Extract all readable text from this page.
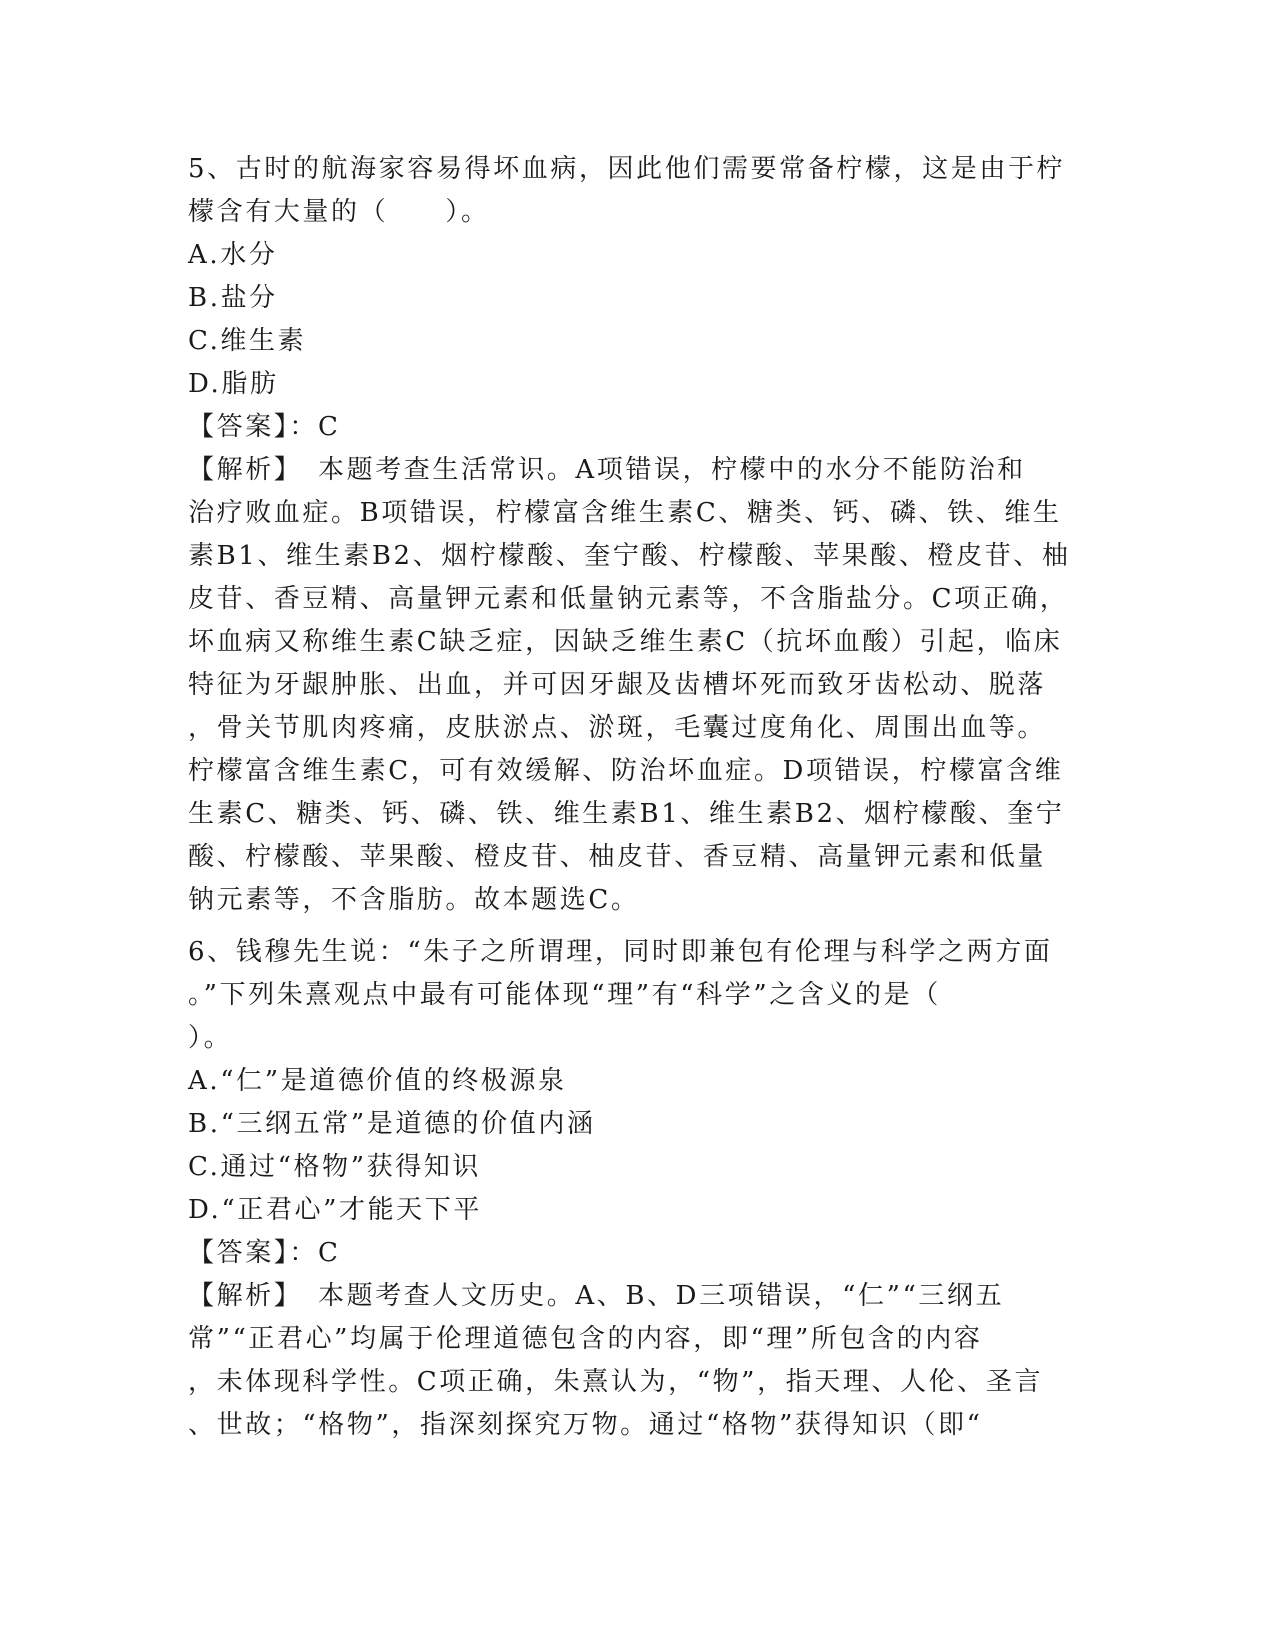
5、古时的航海家容易得坏血病，因此他们需要常备柠檬，这是由于柠
檬含有大量的（　　）。
A.水分
B.盐分
C.维生素
D.脂肪
【答案】：C
【解析】　本题考查生活常识。A项错误，柠檬中的水分不能防治和
治疗败血症。B项错误，柠檬富含维生素C、糖类、钙、磷、铁、维生
素B1、维生素B2、烟柠檬酸、奎宁酸、柠檬酸、苹果酸、橙皮苷、柚
皮苷、香豆精、高量钾元素和低量钠元素等，不含脂盐分。C项正确，
坏血病又称维生素C缺乏症，因缺乏维生素C（抗坏血酸）引起，临床
特征为牙龈肿胀、出血，并可因牙龈及齿槽坏死而致牙齿松动、脱落
，骨关节肌肉疼痛，皮肤淤点、淤斑，毛囊过度角化、周围出血等。
柠檬富含维生素C，可有效缓解、防治坏血症。D项错误，柠檬富含维
生素C、糖类、钙、磷、铁、维生素B1、维生素B2、烟柠檬酸、奎宁
酸、柠檬酸、苹果酸、橙皮苷、柚皮苷、香豆精、高量钾元素和低量
钠元素等，不含脂肪。故本题选C。
6、钱穆先生说：“朱子之所谓理，同时即兼包有伦理与科学之两方面
。”下列朱熹观点中最有可能体现“理”有“科学”之含义的是（
）。
A.“仁”是道德价值的终极源泉
B.“三纲五常”是道德的价值内涵
C.通过“格物”获得知识
D.“正君心”才能天下平
【答案】：C
【解析】　本题考查人文历史。A、B、D三项错误，“仁”“三纲五
常”“正君心”均属于伦理道德包含的内容，即“理”所包含的内容
，未体现科学性。C项正确，朱熹认为，“物”，指天理、人伦、圣言
、世故；“格物”，指深刻探究万物。通过“格物”获得知识（即“
